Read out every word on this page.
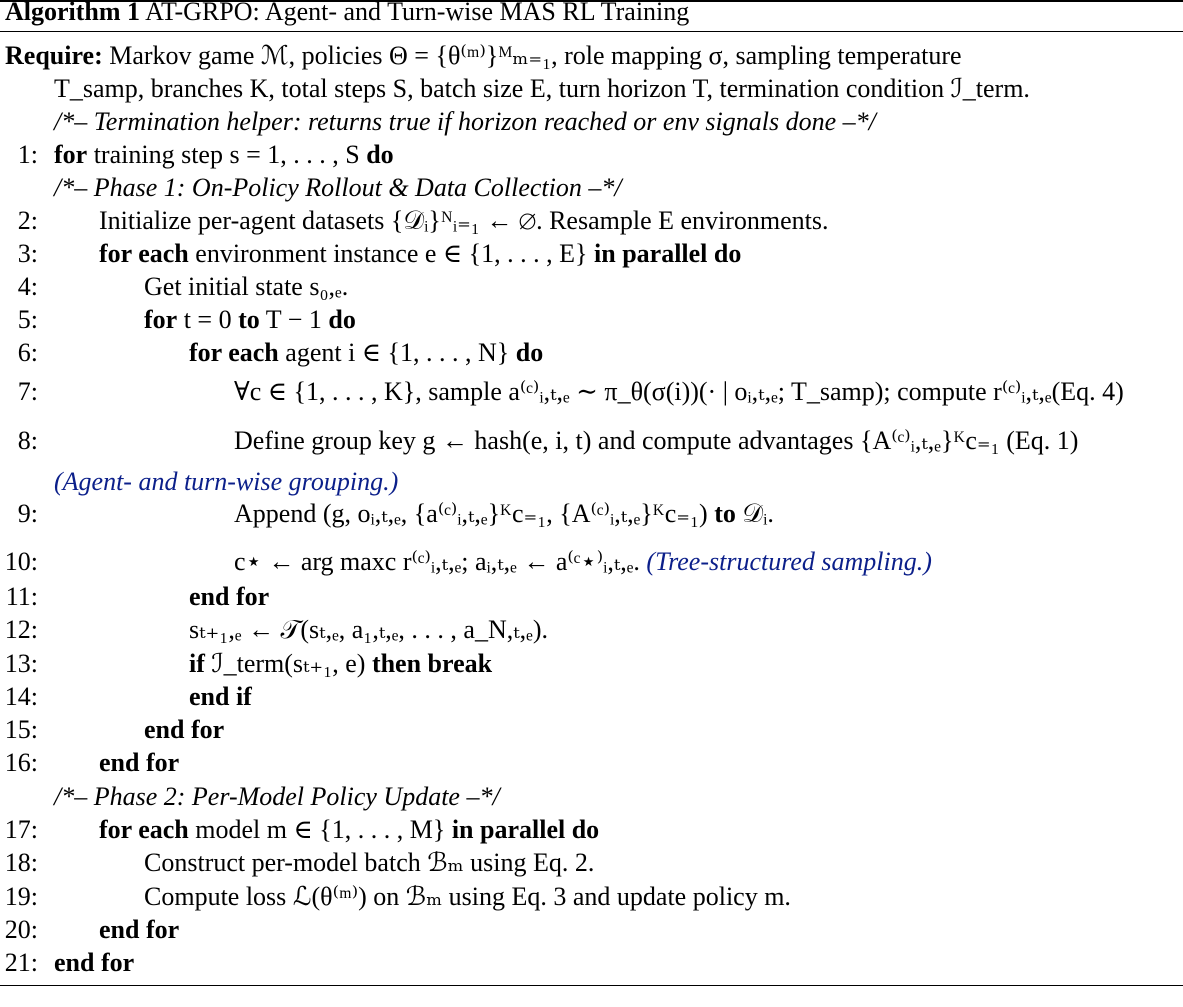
Algorithm 1 AT-GRPO: Agent- and Turn-wise MAS RL Training
Require: Markov game ℳ, policies Θ = {θ⁽ᵐ⁾}ᴹₘ₌₁, role mapping σ, sampling temperature
T_samp, branches K, total steps S, batch size E, turn horizon T, termination condition ℐ_term.
/*– Termination helper: returns true if horizon reached or env signals done –*/
1: for training step s = 1, . . . , S do
/*– Phase 1: On-Policy Rollout & Data Collection –*/
2: Initialize per-agent datasets {𝒟ᵢ}ᴺᵢ₌₁ ← ∅. Resample E environments.
3: for each environment instance e ∈ {1, . . . , E} in parallel do
4:	Get initial state s₀,ₑ.
5:	for t = 0 to T − 1 do
6:	for each agent i ∈ {1, . . . , N} do
7:	∀c ∈ {1, . . . , K}, sample a⁽ᶜ⁾ᵢ,ₜ,ₑ ∼ π_θ(σ(i))(· | oᵢ,ₜ,ₑ; T_samp); compute r⁽ᶜ⁾ᵢ,ₜ,ₑ(Eq. 4)
8:	Define group key g ← hash(e, i, t) and compute advantages {A⁽ᶜ⁾ᵢ,ₜ,ₑ}ᴷc₌₁ (Eq. 1)
(Agent- and turn-wise grouping.)
9:	Append (g, oᵢ,ₜ,ₑ, {a⁽ᶜ⁾ᵢ,ₜ,ₑ}ᴷc₌₁, {A⁽ᶜ⁾ᵢ,ₜ,ₑ}ᴷc₌₁) to 𝒟ᵢ.
10:	c⋆ ← arg maxc r⁽ᶜ⁾ᵢ,ₜ,ₑ; aᵢ,ₜ,ₑ ← a⁽ᶜ⋆⁾ᵢ,ₜ,ₑ. (Tree-structured sampling.)
11:	end for
12:	sₜ₊₁,ₑ ← 𝒯(sₜ,ₑ, a₁,ₜ,ₑ, . . . , a_N,ₜ,ₑ).
13:	if ℐ_term(sₜ₊₁, e) then break
14:	end if
15:	end for
16: end for
/*– Phase 2: Per-Model Policy Update –*/
17: for each model m ∈ {1, . . . , M} in parallel do
18:	Construct per-model batch ℬₘ using Eq. 2.
19:	Compute loss ℒ(θ⁽ᵐ⁾) on ℬₘ using Eq. 3 and update policy m.
20: end for
21: end for
